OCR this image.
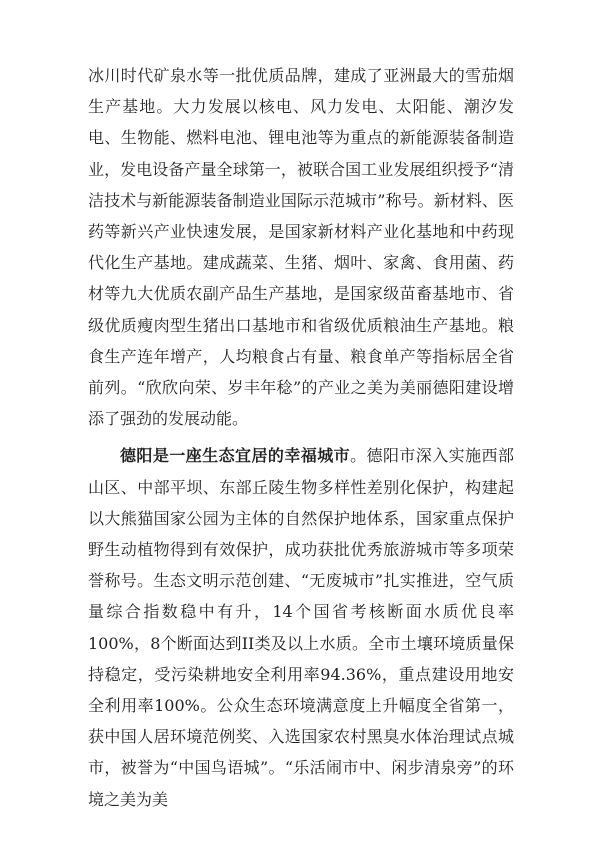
冰川时代矿泉水等一批优质品牌，建成了亚洲最大的雪茄烟生产基地。大力发展以核电、风力发电、太阳能、潮汐发电、生物能、燃料电池、锂电池等为重点的新能源装备制造业，发电设备产量全球第一，被联合国工业发展组织授予“清洁技术与新能源装备制造业国际示范城市”称号。新材料、医药等新兴产业快速发展，是国家新材料产业化基地和中药现代化生产基地。建成蔬菜、生猪、烟叶、家禽、食用菌、药材等九大优质农副产品生产基地，是国家级苗畜基地市、省级优质瘦肉型生猪出口基地市和省级优质粮油生产基地。粮食生产连年增产，人均粮食占有量、粮食单产等指标居全省前列。“欣欣向荣、岁丰年稔”的产业之美为美丽德阳建设增添了强劲的发展动能。

德阳是一座生态宜居的幸福城市。德阳市深入实施西部山区、中部平坝、东部丘陵生物多样性差别化保护，构建起以大熊猫国家公园为主体的自然保护地体系，国家重点保护野生动植物得到有效保护，成功获批优秀旅游城市等多项荣誉称号。生态文明示范创建、“无废城市”扎实推进，空气质量综合指数稳中有升，14个国省考核断面水质优良率100%，8个断面达到II类及以上水质。全市土壤环境质量保持稳定，受污染耕地安全利用率94.36%，重点建设用地安全利用率100%。公众生态环境满意度上升幅度全省第一，获中国人居环境范例奖、入选国家农村黑臭水体治理试点城市，被誉为“中国鸟语城”。“乐活闹市中、闲步清泉旁”的环境之美为美
